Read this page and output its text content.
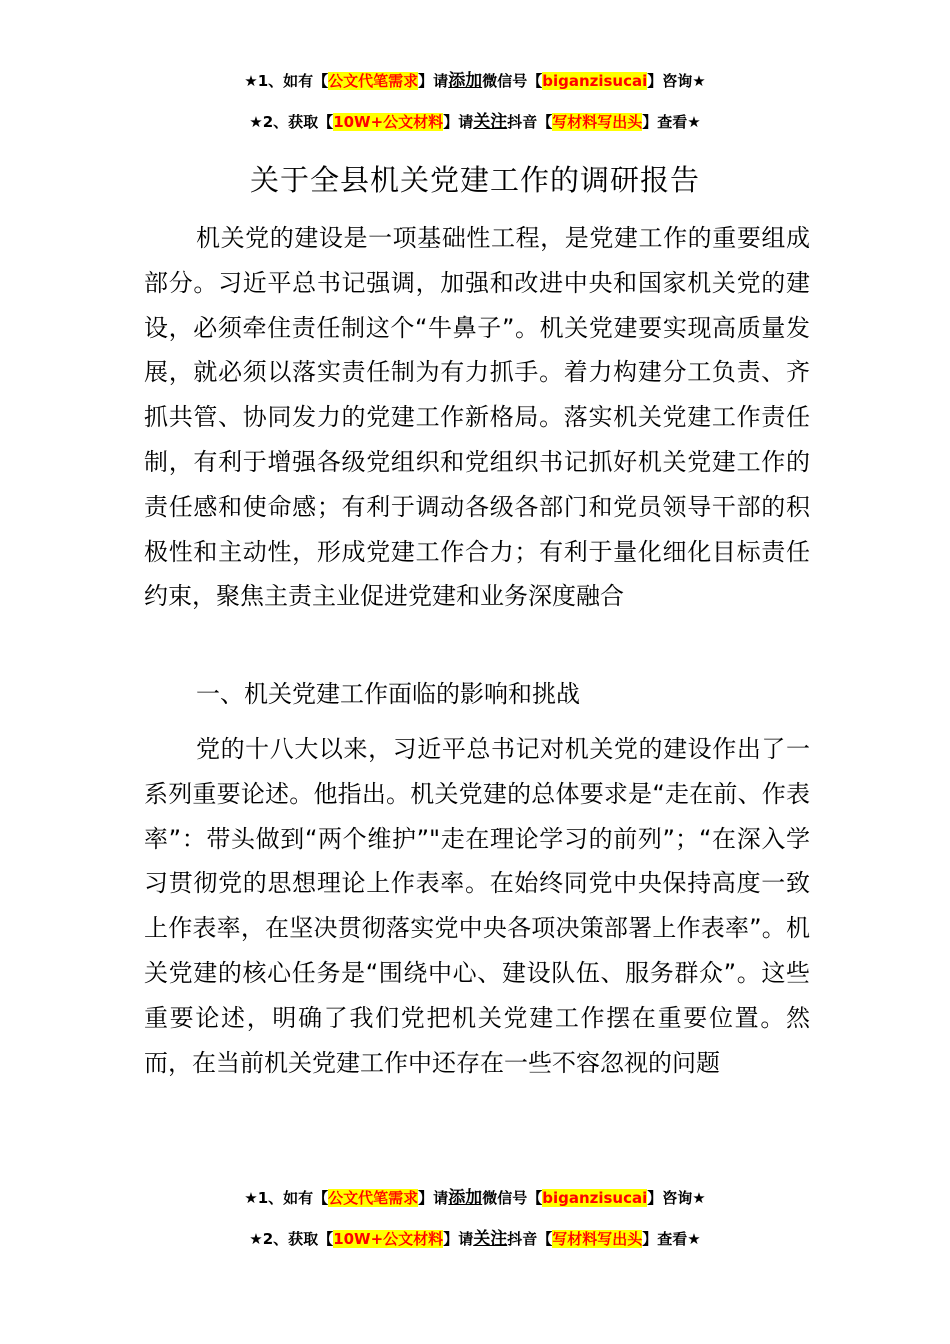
★1、如有【公文代笔需求】请添加微信号【biganzisucai】咨询★
★2、获取【10W+公文材料】请关注抖音【写材料写出头】查看★
关于全县机关党建工作的调研报告

机关党的建设是一项基础性工程，是党建工作的重要组成部分。习近平总书记强调，加强和改进中央和国家机关党的建设，必须牵住责任制这个“牛鼻子”。机关党建要实现高质量发展，就必须以落实责任制为有力抓手。着力构建分工负责、齐抓共管、协同发力的党建工作新格局。落实机关党建工作责任制，有利于增强各级党组织和党组织书记抓好机关党建工作的责任感和使命感；有利于调动各级各部门和党员领导干部的积极性和主动性，形成党建工作合力；有利于量化细化目标责任约束，聚焦主责主业促进党建和业务深度融合

一、机关党建工作面临的影响和挑战

党的十八大以来，习近平总书记对机关党的建设作出了一系列重要论述。他指出。机关党建的总体要求是“走在前、作表率”：带头做到“两个维护”"走在理论学习的前列”；“在深入学习贯彻党的思想理论上作表率。在始终同党中央保持高度一致上作表率，在坚决贯彻落实党中央各项决策部署上作表率”。机关党建的核心任务是“围绕中心、建设队伍、服务群众”。这些重要论述，明确了我们党把机关党建工作摆在重要位置。然而，在当前机关党建工作中还存在一些不容忽视的问题

★1、如有【公文代笔需求】请添加微信号【biganzisucai】咨询★
★2、获取【10W+公文材料】请关注抖音【写材料写出头】查看★
